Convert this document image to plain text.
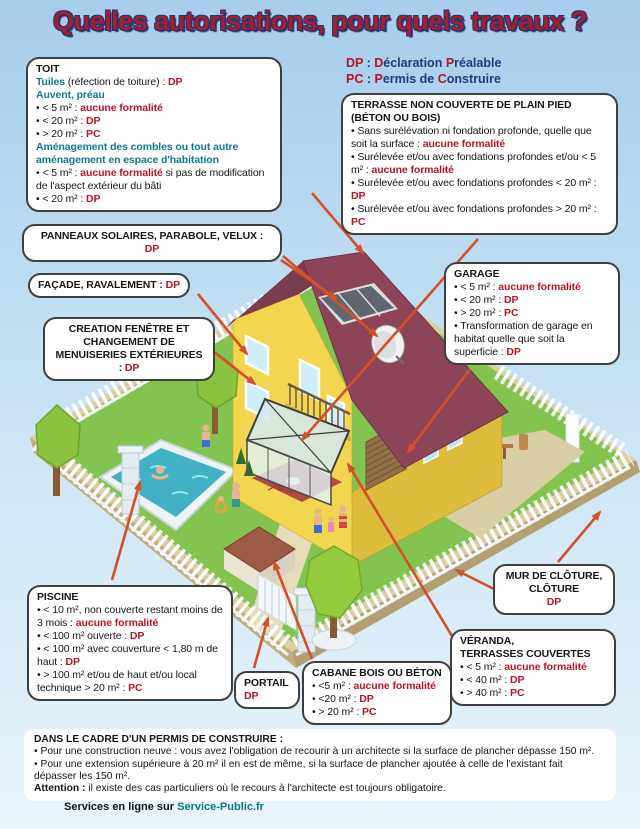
Quelles autorisations, pour quels travaux ?
DP : Déclaration Préalable
PC : Permis de Construire
TOIT
Tuiles (réfection de toiture) : DP
Auvent, préau
• < 5 m² : aucune formalité
• < 20 m² : DP
• > 20 m² : PC
Aménagement des combles ou tout autre aménagement en espace d'habitation
• < 5 m² : aucune formalité si pas de modification de l'aspect extérieur du bâti
• < 20 m² : DP
TERRASSE NON COUVERTE DE PLAIN PIED (BÉTON OU BOIS)
• Sans surélévation ni fondation profonde, quelle que soit la surface : aucune formalité
• Surélevée et/ou avec fondations profondes et/ou < 5 m² : aucune formalité
• Surélevée et/ou avec fondations profondes < 20 m² : DP
• Surélevée et/ou avec fondations profondes > 20 m² : PC
PANNEAUX SOLAIRES, PARABOLE, VELUX :
DP
FAÇADE, RAVALEMENT : DP
CREATION FENÊTRE ET CHANGEMENT DE MENUISERIES EXTÉRIEURES : DP
GARAGE
• < 5 m² : aucune formalité
• < 20 m² : DP
• > 20 m² : PC
• Transformation de garage en habitat quelle que soit la superficie : DP
MUR DE CLÔTURE, CLÔTURE
DP
VÉRANDA,
TERRASSES COUVERTES
• < 5 m² : aucune formalité
• < 40 m² : DP
• > 40 m² : PC
PISCINE
• < 10 m², non couverte restant moins de 3 mois : aucune formalité
• < 100 m² ouverte : DP
• < 100 m² avec couverture < 1,80 m de haut : DP
• > 100 m² et/ou de haut et/ou local technique > 20 m² : PC	PORTAIL
DP
CABANE BOIS OU BÉTON
• <5 m² : aucune formalité
• <20 m² : DP
• > 20 m² : PC
DANS LE CADRE D'UN PERMIS DE CONSTRUIRE :
• Pour une construction neuve : vous avez l'obligation de recourir à un architecte si la surface de plancher dépasse 150 m².
• Pour une extension supérieure à 20 m² il en est de même, si la surface de plancher ajoutée à celle de l'existant fait dépasser les 150 m².
Attention : il existe des cas particuliers où le recours à l'architecte est toujours obligatoire.
Services en ligne sur Service-Public.fr
